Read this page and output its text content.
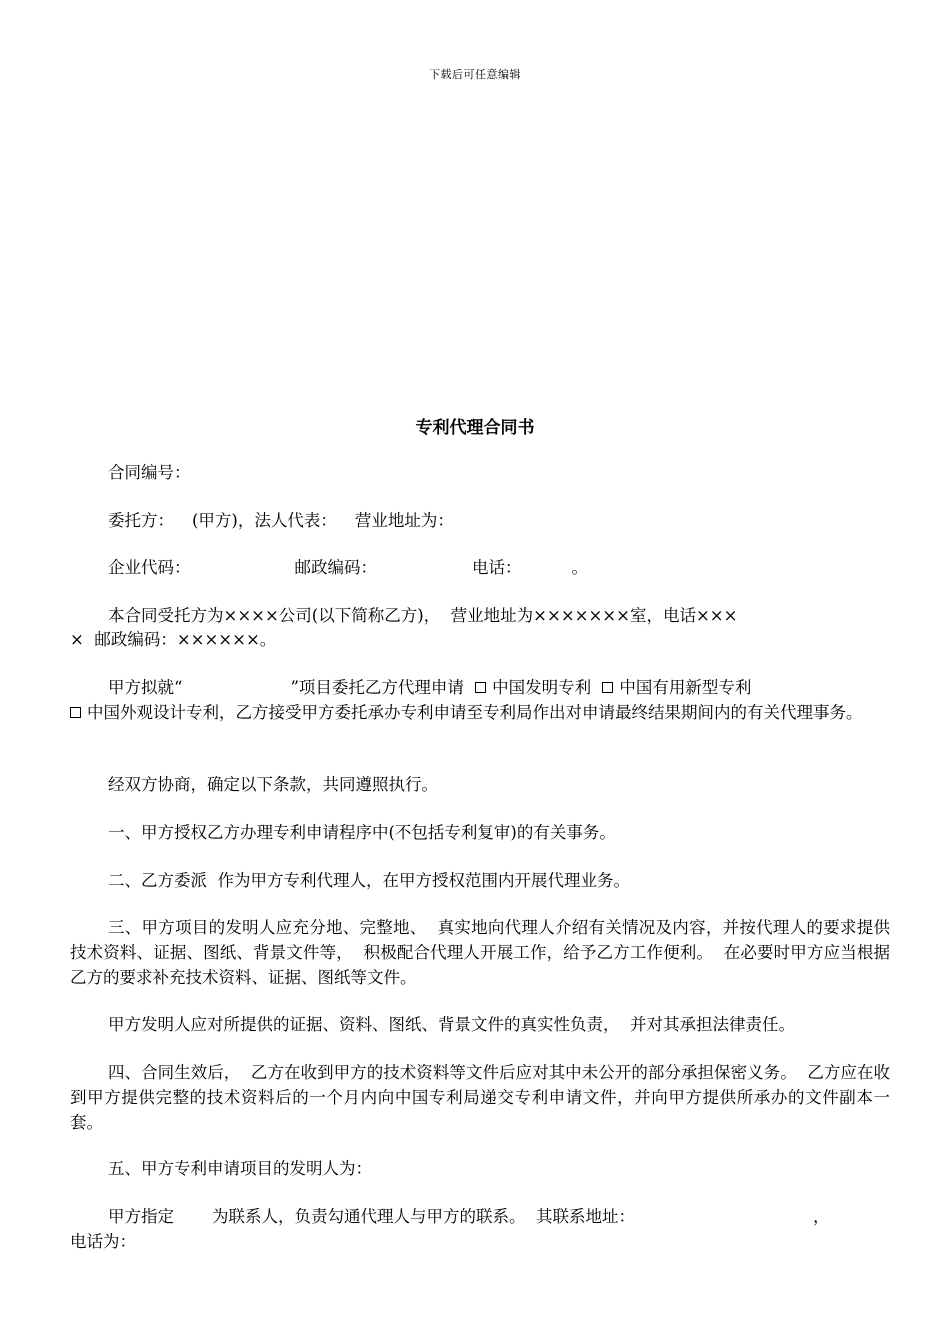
下载后可任意编辑
专利代理合同书
合同编号：
委托方： (甲方)，法人代表： 营业地址为：
企业代码：	邮政编码：	电话：	。
本合同受托方为××××公司(以下简称乙方)，  营业地址为×××××××室，电话×××
×  邮政编码：××××××。
甲方拟就“	”项目委托乙方代理申请 中国发明专利 中国有用新型专利
中国外观设计专利，乙方接受甲方委托承办专利申请至专利局作出对申请最终结果期间内的有关代理事务。
经双方协商，确定以下条款，共同遵照执行。
一、甲方授权乙方办理专利申请程序中(不包括专利复审)的有关事务。
二、乙方委派  作为甲方专利代理人，在甲方授权范围内开展代理业务。
三、甲方项目的发明人应充分地、完整地、  真实地向代理人介绍有关情况及内容，并按代理人的要求提供技术资料、证据、图纸、背景文件等，  积极配合代理人开展工作，给予乙方工作便利。  在必要时甲方应当根据乙方的要求补充技术资料、证据、图纸等文件。
甲方发明人应对所提供的证据、资料、图纸、背景文件的真实性负责，  并对其承担法律责任。
四、合同生效后，  乙方在收到甲方的技术资料等文件后应对其中未公开的部分承担保密义务。  乙方应在收到甲方提供完整的技术资料后的一个月内向中国专利局递交专利申请文件，并向甲方提供所承办的文件副本一套。
五、甲方专利申请项目的发明人为：
甲方指定 为联系人，负责勾通代理人与甲方的联系。  其联系地址：	，
电话为：
